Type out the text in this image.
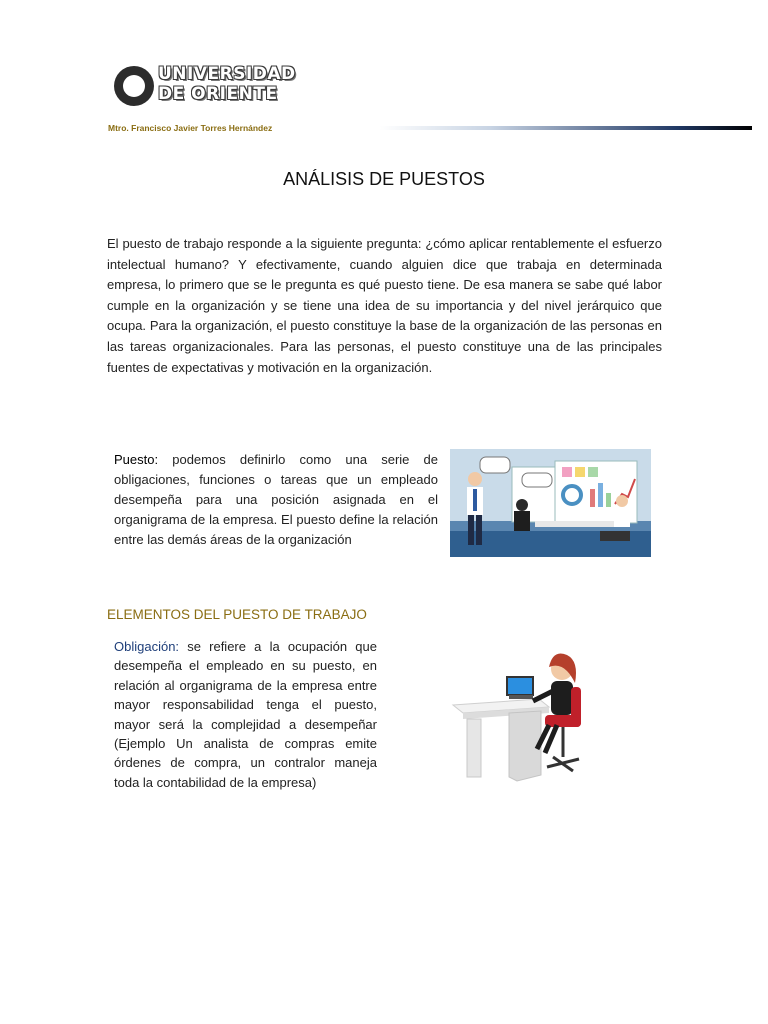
UNIVERSIDAD
DE ORIENTE
Mtro. Francisco Javier Torres Hernández
ANÁLISIS DE PUESTOS

El puesto de trabajo responde a la siguiente pregunta: ¿cómo aplicar rentablemente el esfuerzo intelectual humano? Y efectivamente, cuando alguien dice que trabaja en determinada empresa, lo primero que se le pregunta es qué puesto tiene. De esa manera se sabe qué labor cumple en la organización y se tiene una idea de su importancia y del nivel jerárquico que ocupa. Para la organización, el puesto constituye la base de la organización de las personas en las tareas organizacionales. Para las personas, el puesto constituye una de las principales fuentes de expectativas y motivación en la organización.

Puesto: podemos definirlo como una serie de obligaciones, funciones o tareas que un empleado desempeña para una posición asignada en el organigrama de la empresa. El puesto define la relación entre las demás áreas de la organización

ELEMENTOS DEL PUESTO DE TRABAJO

Obligación: se refiere a la ocupación que desempeña el empleado en su puesto, en relación al organigrama de la empresa entre mayor responsabilidad tenga el puesto, mayor será la complejidad a desempeñar (Ejemplo Un analista de compras emite órdenes de compra, un contralor maneja toda la contabilidad de la empresa)
